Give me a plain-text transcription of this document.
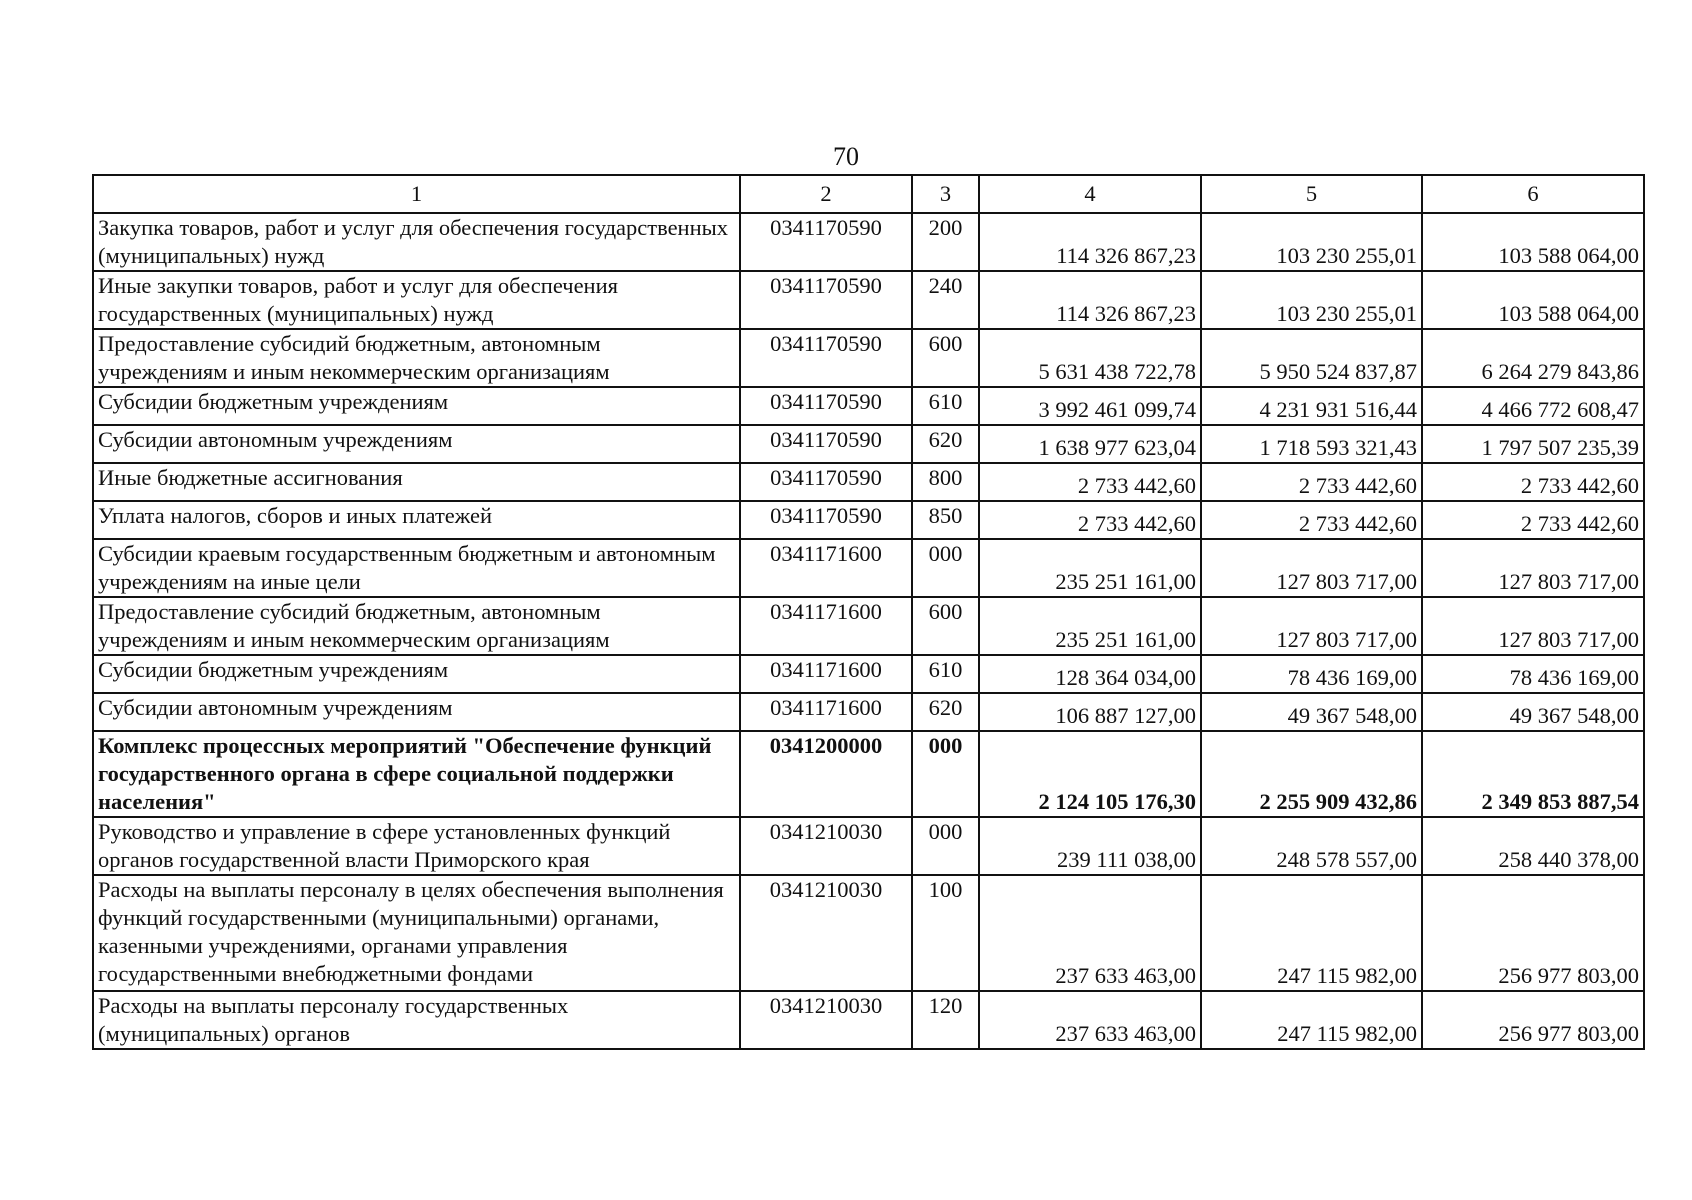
70
1	2	3	4	5	6
Закупка товаров, работ и услуг для обеспечения государственных (муниципальных) нужд	0341170590	200	114 326 867,23	103 230 255,01	103 588 064,00
Иные закупки товаров, работ и услуг для обеспечения государственных (муниципальных) нужд	0341170590	240	114 326 867,23	103 230 255,01	103 588 064,00
Предоставление субсидий бюджетным, автономным учреждениям и иным некоммерческим организациям	0341170590	600	5 631 438 722,78	5 950 524 837,87	6 264 279 843,86
Субсидии бюджетным учреждениям	0341170590	610	3 992 461 099,74	4 231 931 516,44	4 466 772 608,47
Субсидии автономным учреждениям	0341170590	620	1 638 977 623,04	1 718 593 321,43	1 797 507 235,39
Иные бюджетные ассигнования	0341170590	800	2 733 442,60	2 733 442,60	2 733 442,60
Уплата налогов, сборов и иных платежей	0341170590	850	2 733 442,60	2 733 442,60	2 733 442,60
Субсидии краевым государственным бюджетным и автономным учреждениям на иные цели	0341171600	000	235 251 161,00	127 803 717,00	127 803 717,00
Предоставление субсидий бюджетным, автономным учреждениям и иным некоммерческим организациям	0341171600	600	235 251 161,00	127 803 717,00	127 803 717,00
Субсидии бюджетным учреждениям	0341171600	610	128 364 034,00	78 436 169,00	78 436 169,00
Субсидии автономным учреждениям	0341171600	620	106 887 127,00	49 367 548,00	49 367 548,00
Комплекс процессных мероприятий "Обеспечение функций государственного органа в сфере социальной поддержки населения"	0341200000	000	2 124 105 176,30	2 255 909 432,86	2 349 853 887,54
Руководство и управление в сфере установленных функций органов государственной власти Приморского края	0341210030	000	239 111 038,00	248 578 557,00	258 440 378,00
Расходы на выплаты персоналу в целях обеспечения выполнения функций государственными (муниципальными) органами, казенными учреждениями, органами управления государственными внебюджетными фондами	0341210030	100	237 633 463,00	247 115 982,00	256 977 803,00
Расходы на выплаты персоналу государственных (муниципальных) органов	0341210030	120	237 633 463,00	247 115 982,00	256 977 803,00
